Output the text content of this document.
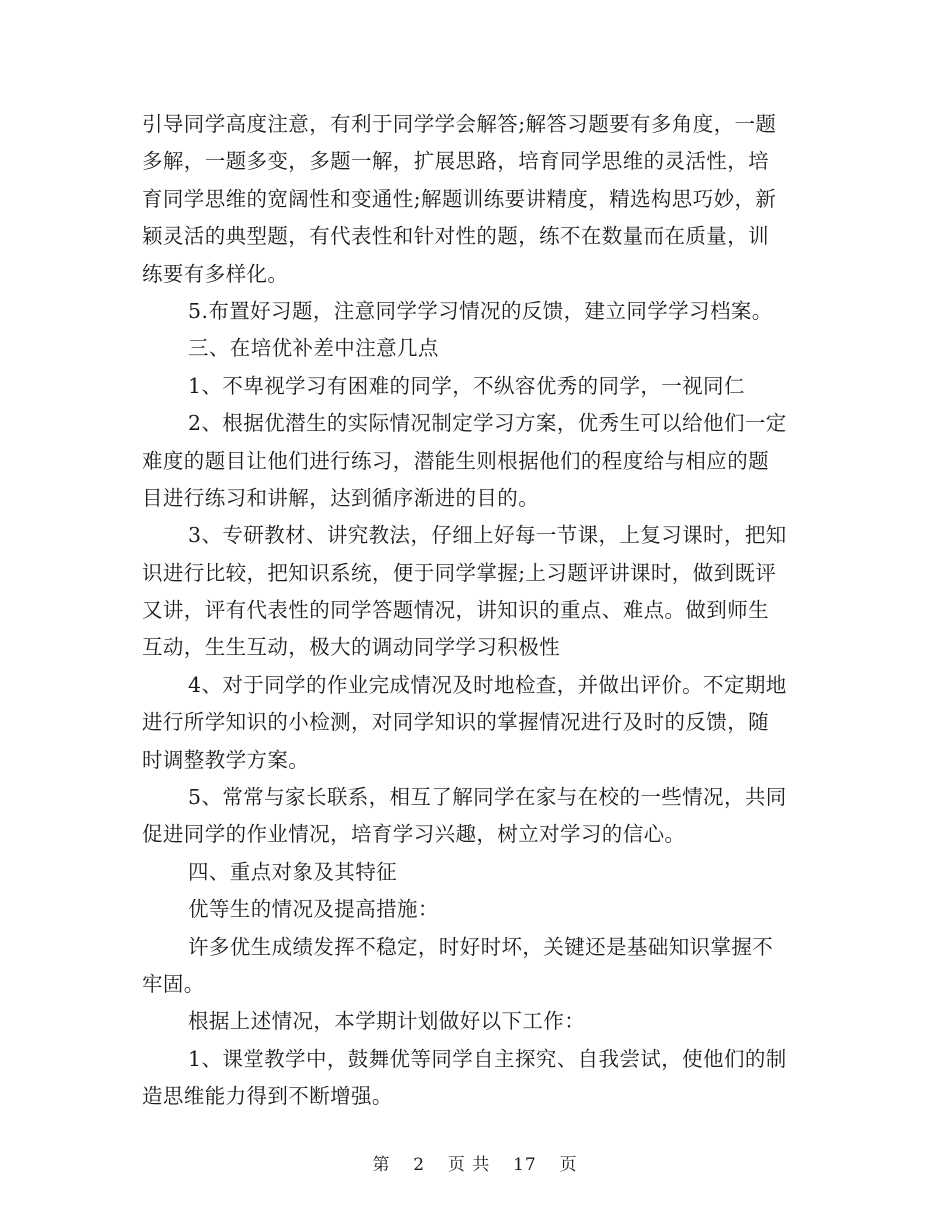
引导同学高度注意，有利于同学学会解答;解答习题要有多角度，一题
多解，一题多变，多题一解，扩展思路，培育同学思维的灵活性，培
育同学思维的宽阔性和变通性;解题训练要讲精度，精选构思巧妙，新
颖灵活的典型题，有代表性和针对性的题，练不在数量而在质量，训
练要有多样化。
5.布置好习题，注意同学学习情况的反馈，建立同学学习档案。
三、在培优补差中注意几点
1、不卑视学习有困难的同学，不纵容优秀的同学，一视同仁
2、根据优潜生的实际情况制定学习方案，优秀生可以给他们一定
难度的题目让他们进行练习，潜能生则根据他们的程度给与相应的题
目进行练习和讲解，达到循序渐进的目的。
3、专研教材、讲究教法，仔细上好每一节课，上复习课时，把知
识进行比较，把知识系统，便于同学掌握;上习题评讲课时，做到既评
又讲，评有代表性的同学答题情况，讲知识的重点、难点。做到师生
互动，生生互动，极大的调动同学学习积极性
4、对于同学的作业完成情况及时地检查，并做出评价。不定期地
进行所学知识的小检测，对同学知识的掌握情况进行及时的反馈，随
时调整教学方案。
5、常常与家长联系，相互了解同学在家与在校的一些情况，共同
促进同学的作业情况，培育学习兴趣，树立对学习的信心。
四、重点对象及其特征
优等生的情况及提高措施：
许多优生成绩发挥不稳定，时好时坏，关键还是基础知识掌握不
牢固。
根据上述情况，本学期计划做好以下工作：
1、课堂教学中，鼓舞优等同学自主探究、自我尝试，使他们的制
造思维能力得到不断增强。
第 2 页 共 17 页
